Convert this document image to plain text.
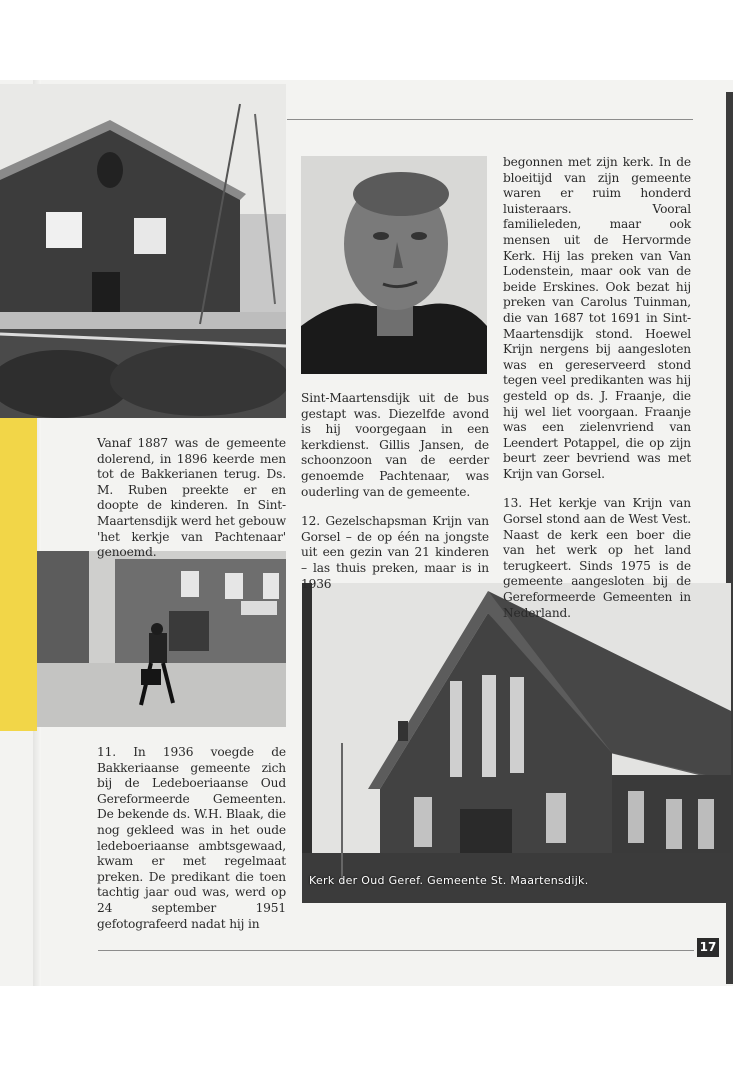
Kerk der Oud Geref. Gemeente St. Maartensdijk.

Vanaf 1887 was de gemeente dolerend, in 1896 keerde men tot de Bakkerianen terug. Ds. M. Ruben preekte er en doopte de kinderen. In Sint-Maartensdijk werd het gebouw 'het kerkje van Pachtenaar' genoemd.

11. In 1936 voegde de Bakkeriaanse gemeente zich bij de Ledeboeriaanse Oud Gereformeerde Gemeenten. De bekende ds. W.H. Blaak, die nog gekleed was in het oude ledeboeriaanse ambtsgewaad, kwam er met regelmaat preken. De predikant die toen tachtig jaar oud was, werd op 24 september 1951 gefotografeerd nadat hij in

Sint-Maartensdijk uit de bus gestapt was. Diezelfde avond is hij voorgegaan in een kerkdienst. Gillis Jansen, de schoonzoon van de eerder genoemde Pachtenaar, was ouderling van de gemeente.

12. Gezelschapsman Krijn van Gorsel – de op één na jongste uit een gezin van 21 kinderen – las thuis preken, maar is in 1936

begonnen met zijn kerk. In de bloeitijd van zijn gemeente waren er ruim honderd luisteraars. Vooral familieleden, maar ook mensen uit de Hervormde Kerk. Hij las preken van Van Lodenstein, maar ook van de beide Erskines. Ook bezat hij preken van Carolus Tuinman, die van 1687 tot 1691 in Sint-Maartensdijk stond. Hoewel Krijn nergens bij aangesloten was en gereserveerd stond tegen veel predikanten was hij gesteld op ds. J. Fraanje, die hij wel liet voorgaan. Fraanje was een zielenvriend van Leendert Potappel, die op zijn beurt zeer bevriend was met Krijn van Gorsel.

13. Het kerkje van Krijn van Gorsel stond aan de West Vest. Naast de kerk een boer die van het werk op het land terugkeert. Sinds 1975 is de gemeente aangesloten bij de Gereformeerde Gemeenten in Nederland.

17
